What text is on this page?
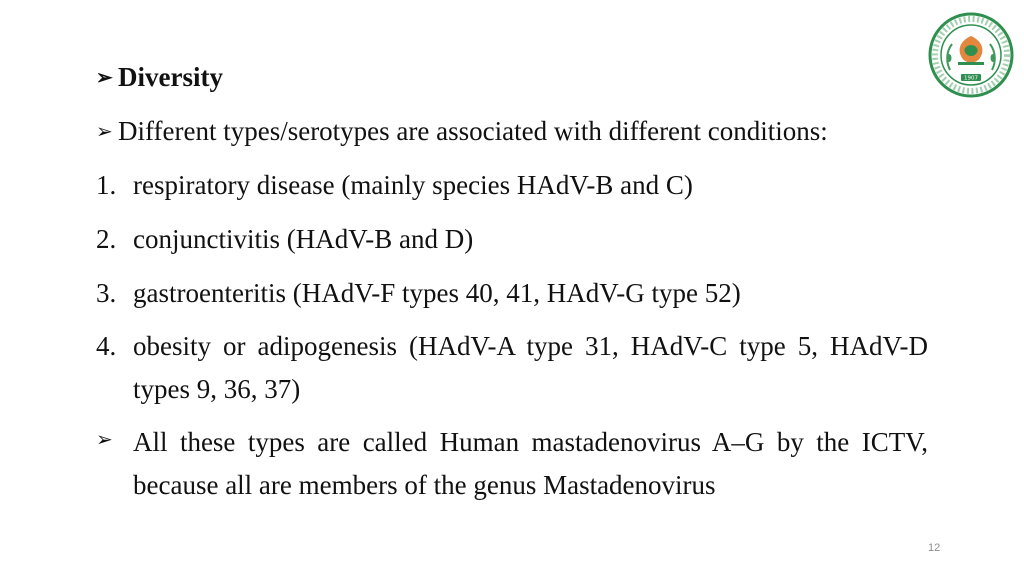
1907
➢ Diversity
➢ Different types/serotypes are associated with different conditions:
1. respiratory disease (mainly species HAdV-B and C)
2. conjunctivitis (HAdV-B and D)
3. gastroenteritis (HAdV-F types 40, 41, HAdV-G type 52)
4. obesity or adipogenesis (HAdV-A type 31, HAdV-C type 5, HAdV-D types 9, 36, 37)
➢ All these types are called Human mastadenovirus A–G by the ICTV, because all are members of the genus Mastadenovirus
12
